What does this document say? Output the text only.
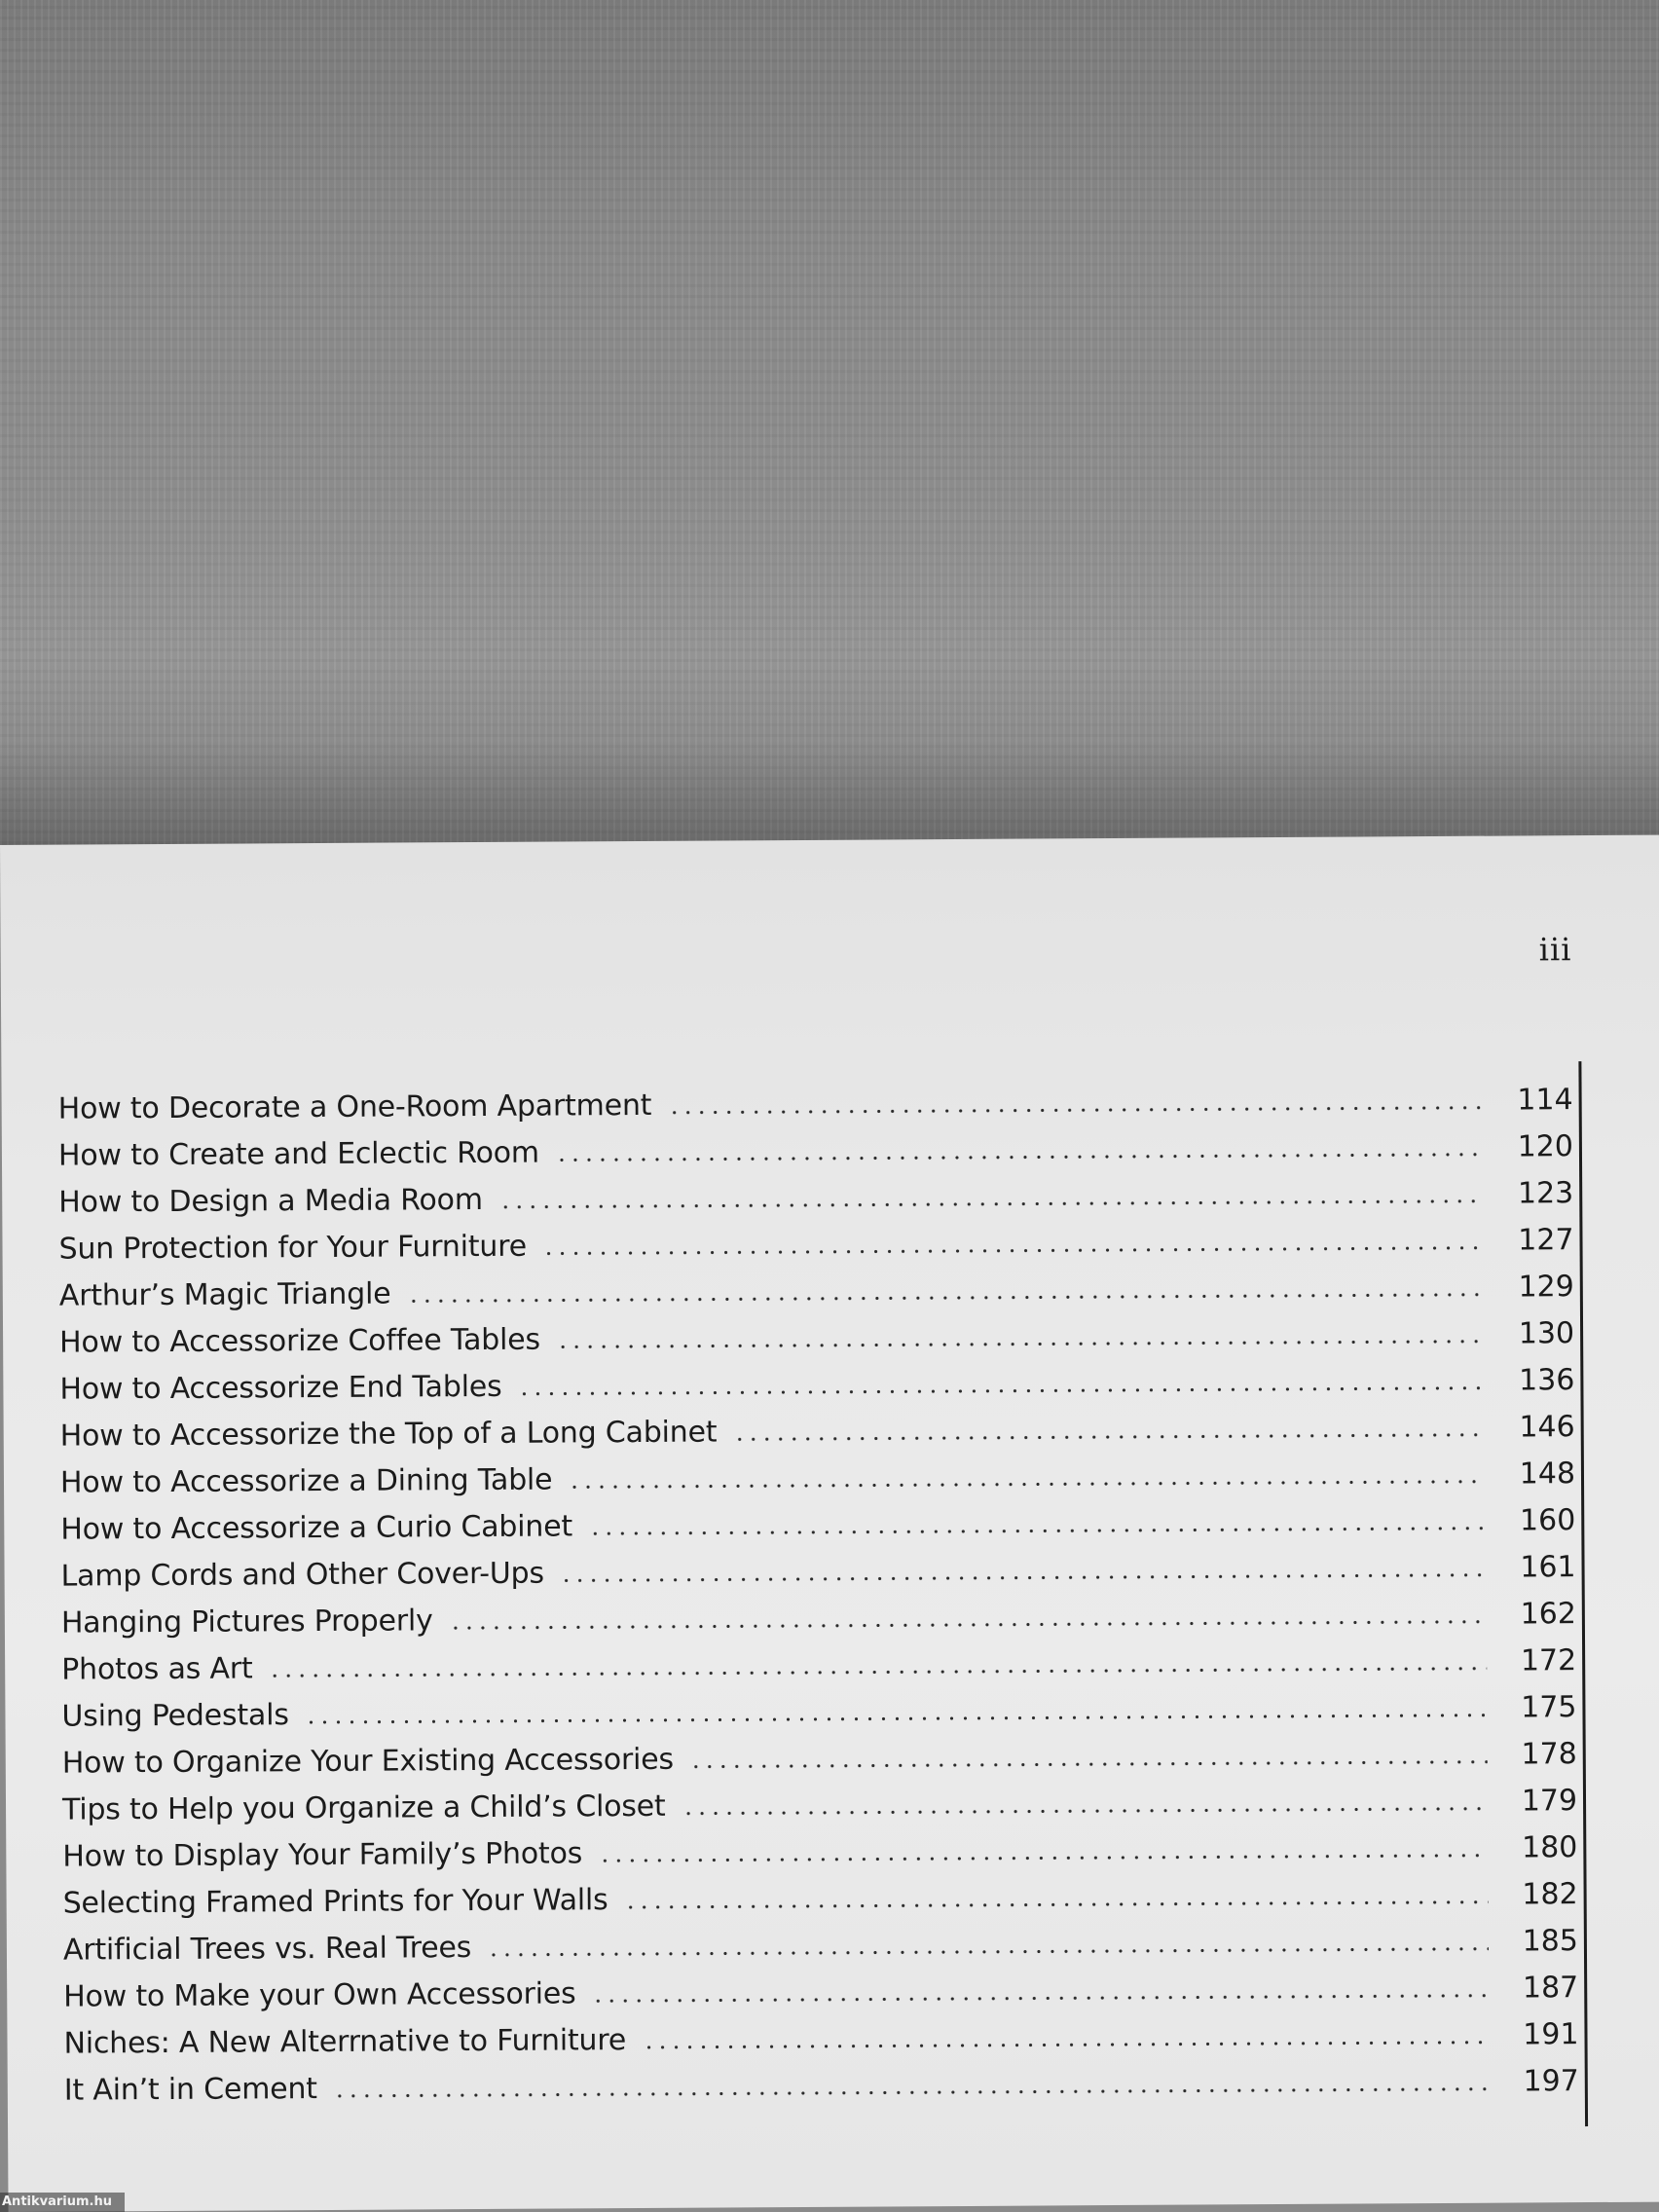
iii
How to Decorate a One-Room Apartment	114
How to Create and Eclectic Room	120
How to Design a Media Room	123
Sun Protection for Your Furniture	127
Arthur’s Magic Triangle	129
How to Accessorize Coffee Tables	130
How to Accessorize End Tables	136
How to Accessorize the Top of a Long Cabinet	146
How to Accessorize a Dining Table	148
How to Accessorize a Curio Cabinet	160
Lamp Cords and Other Cover-Ups	161
Hanging Pictures Properly	162
Photos as Art	172
Using Pedestals	175
How to Organize Your Existing Accessories	178
Tips to Help you Organize a Child’s Closet	179
How to Display Your Family’s Photos	180
Selecting Framed Prints for Your Walls	182
Artificial Trees vs. Real Trees	185
How to Make your Own Accessories	187
Niches: A New Alterrnative to Furniture	191
It Ain’t in Cement	197
Antikvarium.hu
